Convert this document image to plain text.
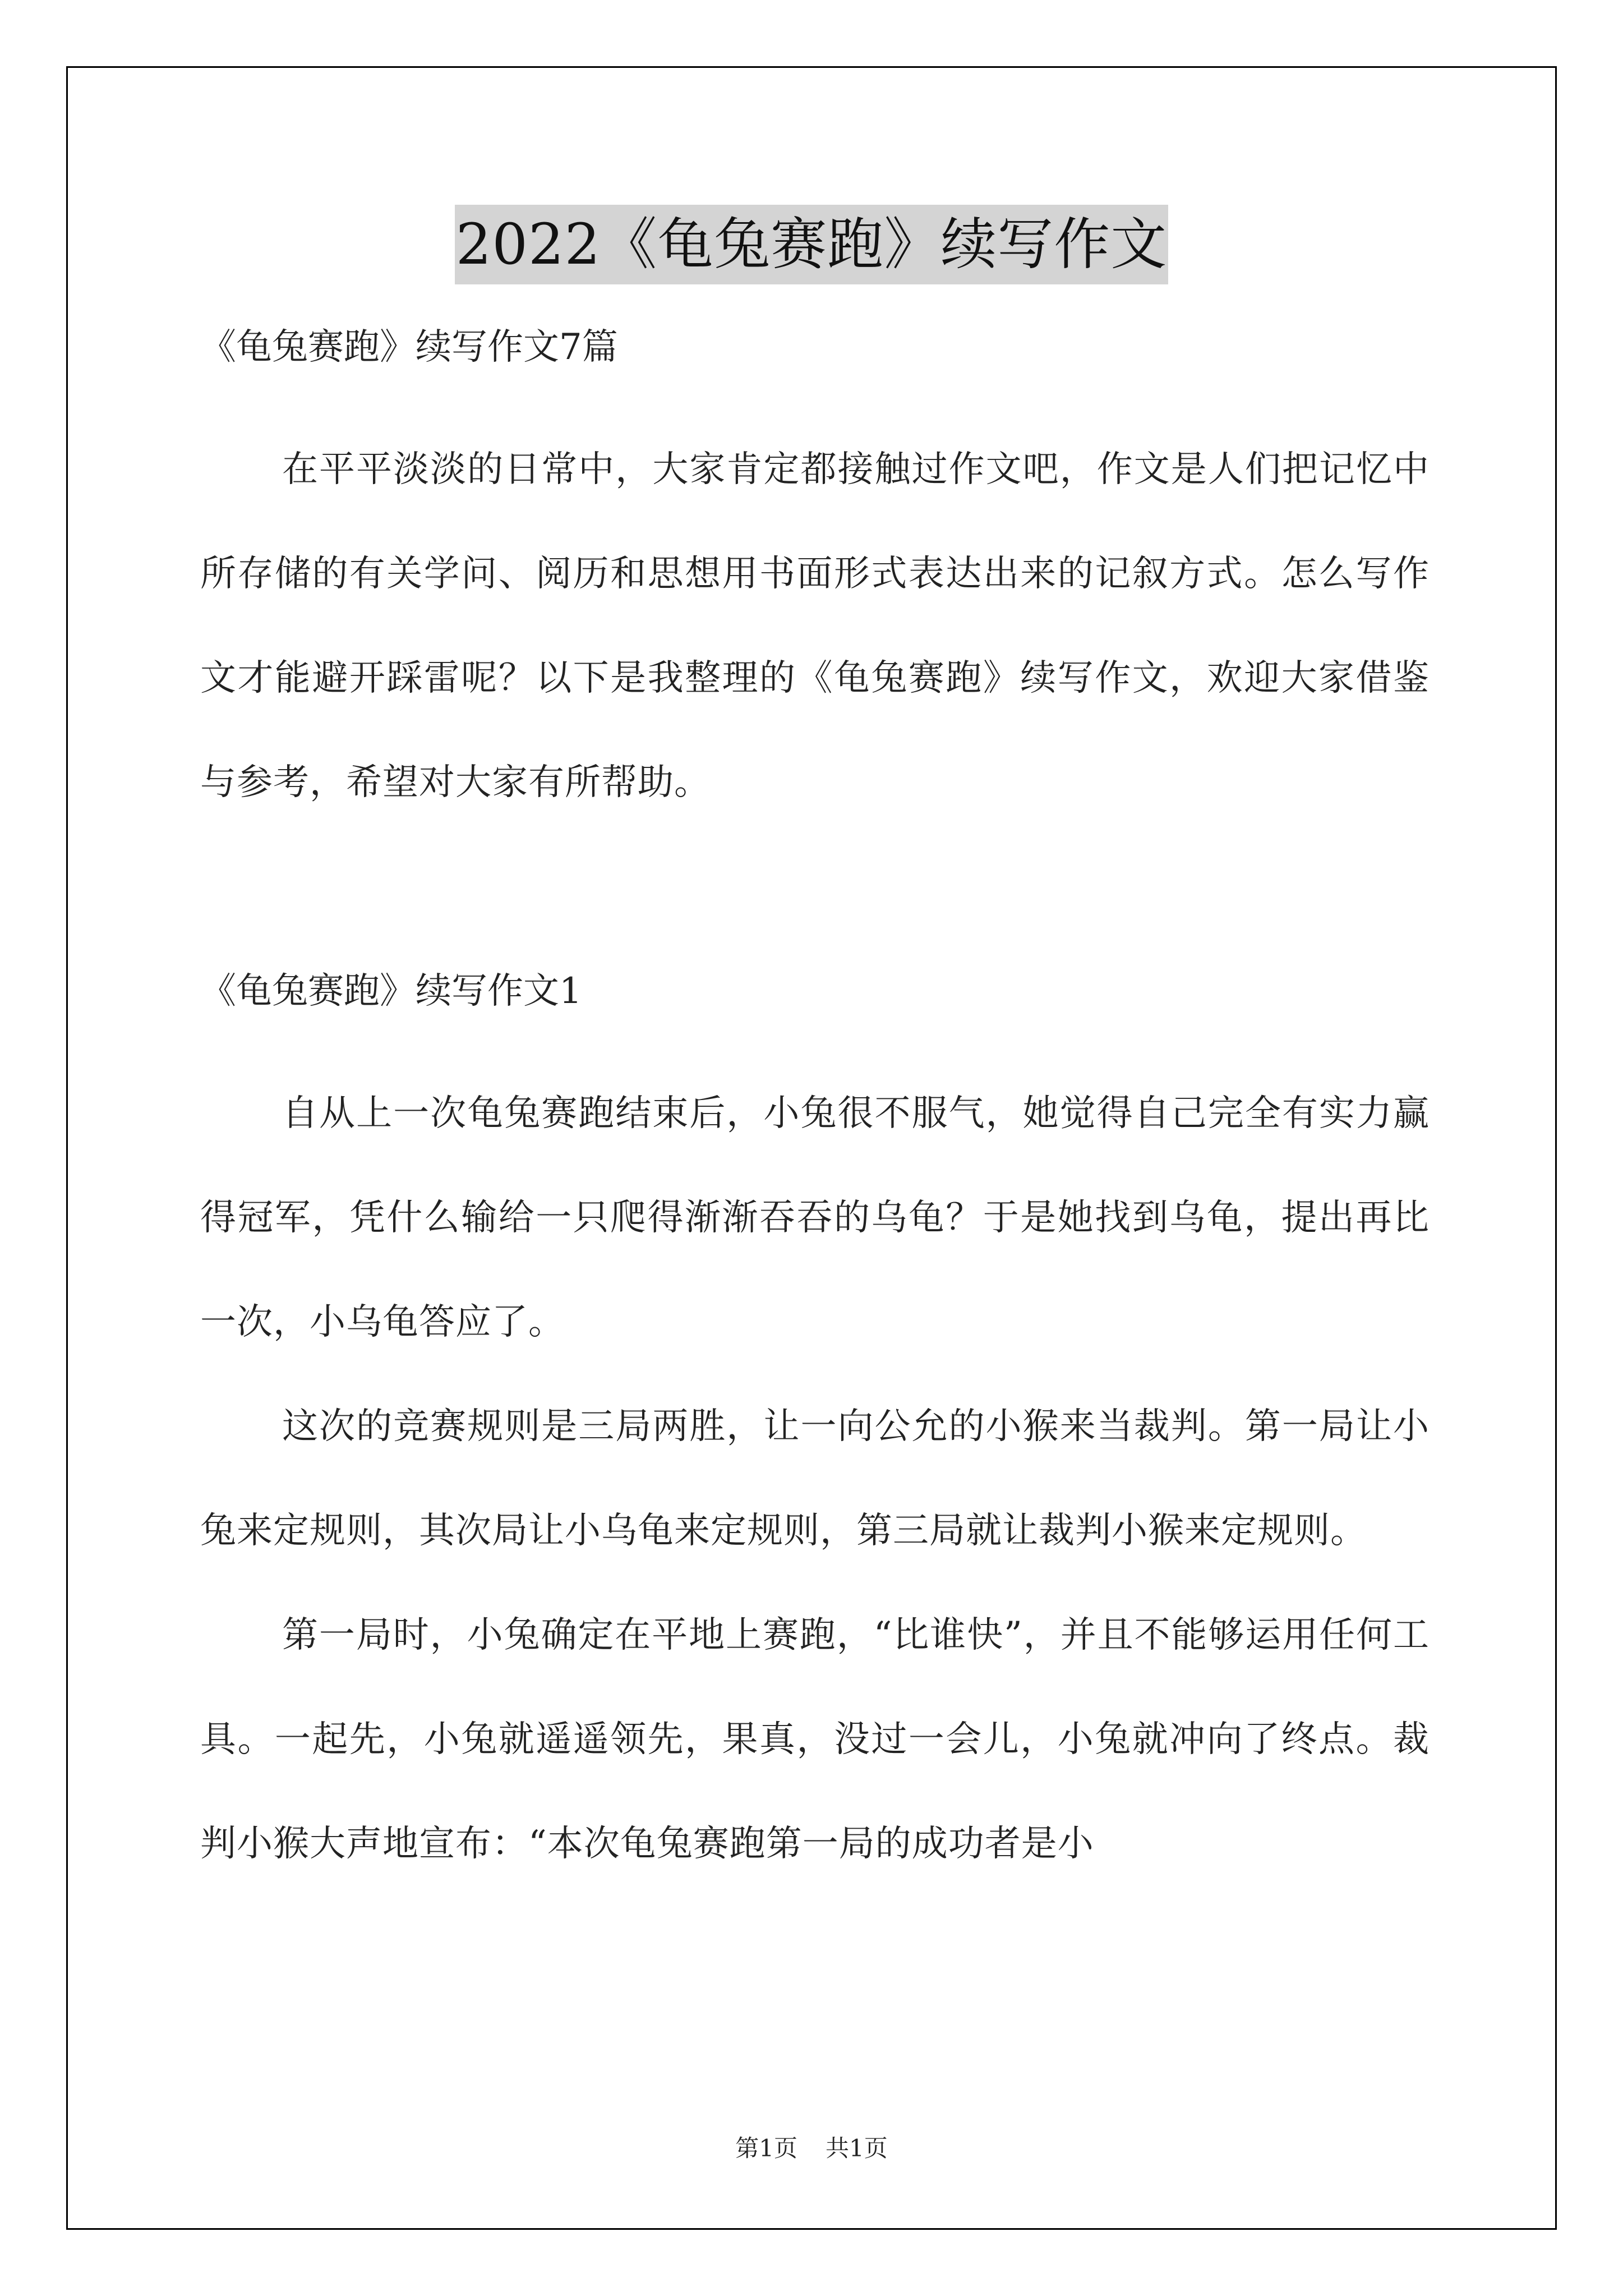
2022《龟兔赛跑》续写作文

《龟兔赛跑》续写作文7篇

在平平淡淡的日常中，大家肯定都接触过作文吧，作文是人们把记忆中所存储的有关学问、阅历和思想用书面形式表达出来的记叙方式。怎么写作文才能避开踩雷呢？以下是我整理的《龟兔赛跑》续写作文，欢迎大家借鉴与参考，希望对大家有所帮助。

《龟兔赛跑》续写作文1

自从上一次龟兔赛跑结束后，小兔很不服气，她觉得自己完全有实力赢得冠军，凭什么输给一只爬得渐渐吞吞的乌龟？于是她找到乌龟，提出再比一次，小乌龟答应了。

这次的竞赛规则是三局两胜，让一向公允的小猴来当裁判。第一局让小兔来定规则，其次局让小乌龟来定规则，第三局就让裁判小猴来定规则。

第一局时，小兔确定在平地上赛跑，“比谁快”，并且不能够运用任何工具。一起先，小兔就遥遥领先，果真，没过一会儿，小兔就冲向了终点。裁判小猴大声地宣布：“本次龟兔赛跑第一局的成功者是小

第1页 共1页
